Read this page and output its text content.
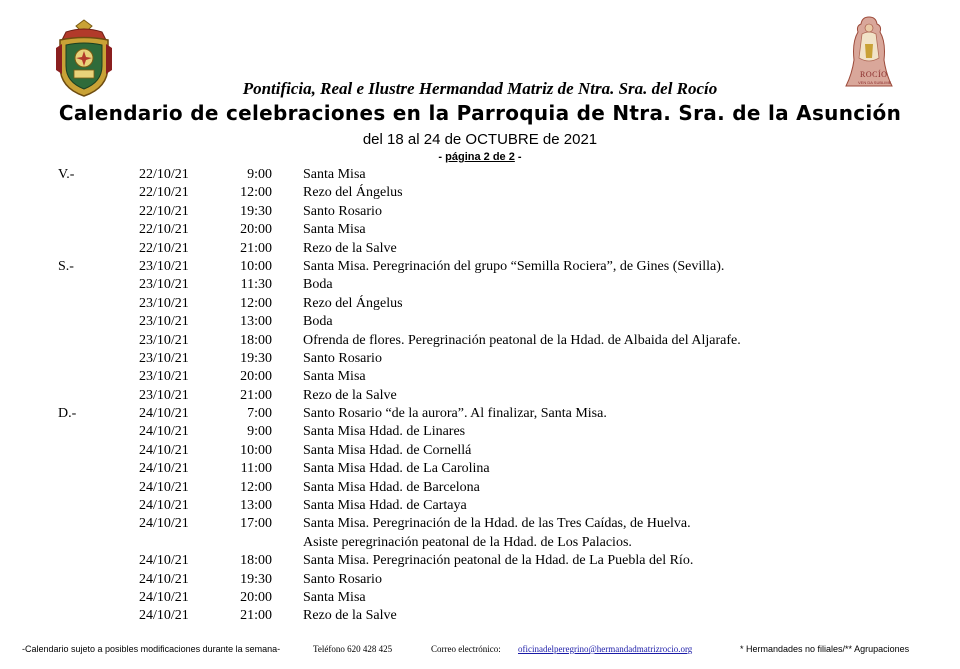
ROCÍO
VEN DA SUBLIME
Pontificia, Real e Ilustre Hermandad Matriz de Ntra. Sra. del Rocío
Calendario de celebraciones en la Parroquia de Ntra. Sra. de la Asunción
del 18 al 24 de OCTUBRE de 2021
- página 2 de 2 -
V.-	22/10/21	9:00 Santa Misa
22/10/21	12:00 Rezo del Ángelus
22/10/21	19:30 Santo Rosario
22/10/21	20:00 Santa Misa
22/10/21	21:00 Rezo de la Salve
S.-	23/10/21	10:00 Santa Misa. Peregrinación del grupo “Semilla Rociera”, de Gines (Sevilla).
23/10/21	11:30 Boda
23/10/21	12:00 Rezo del Ángelus
23/10/21	13:00 Boda
23/10/21	18:00 Ofrenda de flores. Peregrinación peatonal de la Hdad. de Albaida del Aljarafe.
23/10/21	19:30 Santo Rosario
23/10/21	20:00 Santa Misa
23/10/21	21:00 Rezo de la Salve
D.-	24/10/21	7:00 Santo Rosario “de la aurora”. Al finalizar, Santa Misa.
24/10/21	9:00 Santa Misa Hdad. de Linares
24/10/21	10:00 Santa Misa Hdad. de Cornellá
24/10/21	11:00 Santa Misa Hdad. de La Carolina
24/10/21	12:00 Santa Misa Hdad. de Barcelona
24/10/21	13:00 Santa Misa Hdad. de Cartaya
24/10/21	17:00 Santa Misa. Peregrinación de la Hdad. de las Tres Caídas, de Huelva.
Asiste peregrinación peatonal de la Hdad. de Los Palacios.
24/10/21	18:00 Santa Misa. Peregrinación peatonal de la Hdad. de La Puebla del Río.
24/10/21	19:30 Santo Rosario
24/10/21	20:00 Santa Misa
24/10/21	21:00 Rezo de la Salve
-Calendario sujeto a posibles modificaciones durante la semana-	Teléfono 620 428 425	Correo electrónico: oficinadelperegrino@hermandadmatrizrocio.org	* Hermandades no filiales/** Agrupaciones
